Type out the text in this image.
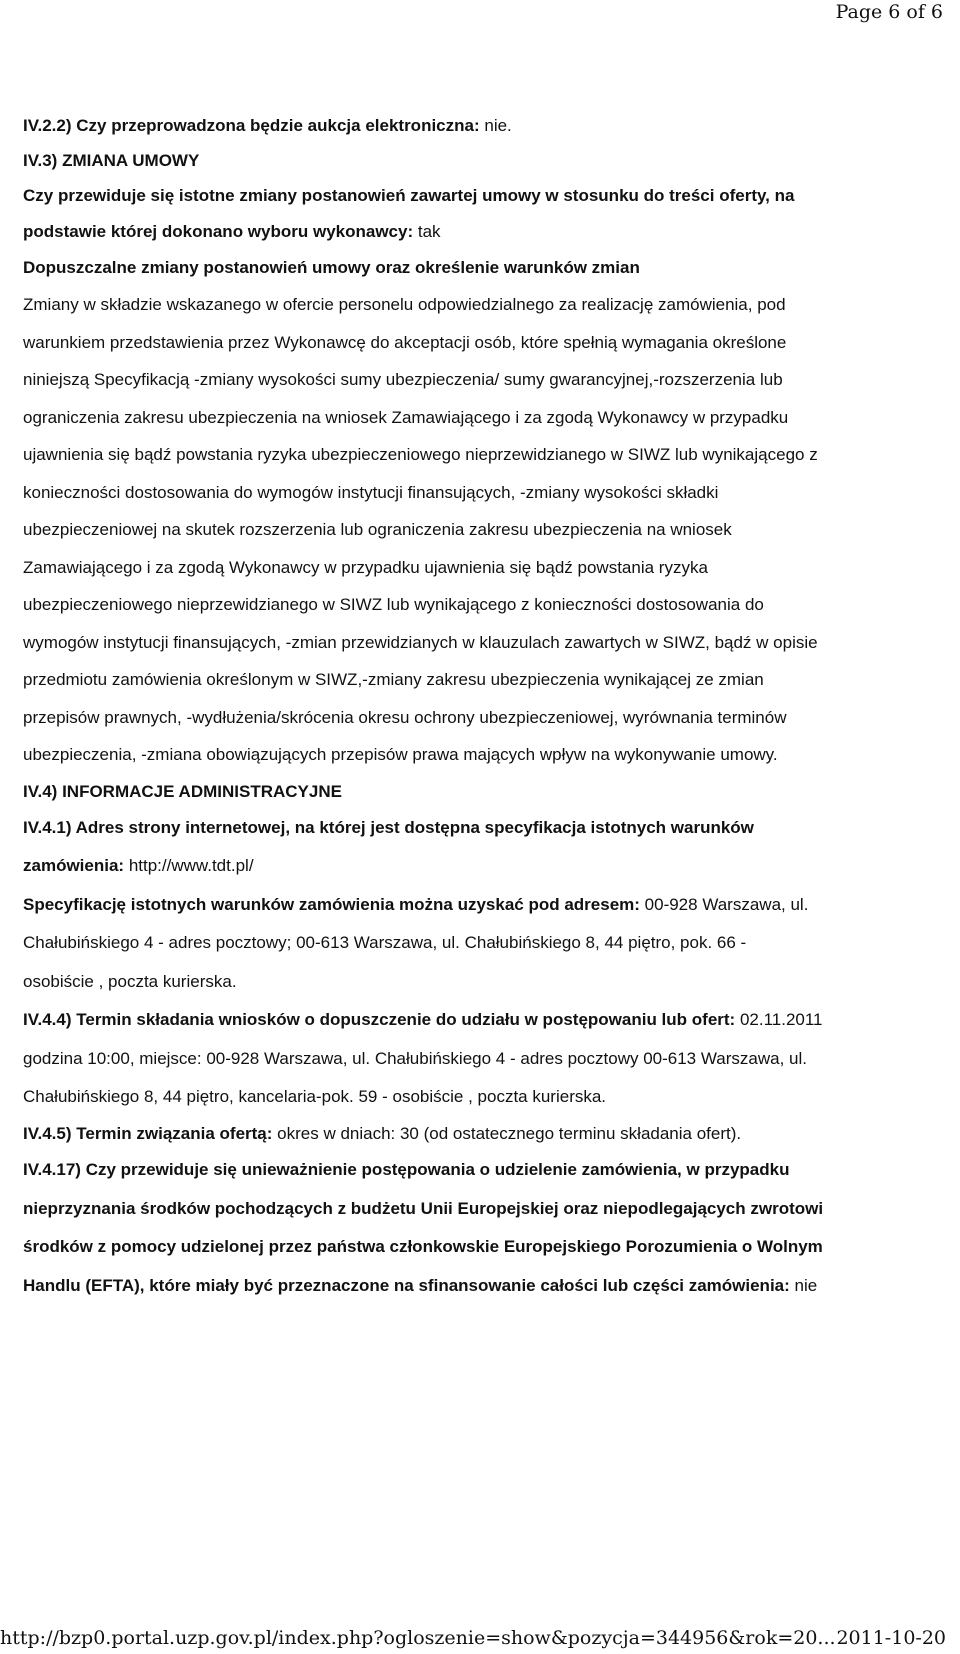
Page 6 of 6

IV.2.2) Czy przeprowadzona będzie aukcja elektroniczna: nie.

IV.3) ZMIANA UMOWY

Czy przewiduje się istotne zmiany postanowień zawartej umowy w stosunku do treści oferty, na

podstawie której dokonano wyboru wykonawcy: tak

Dopuszczalne zmiany postanowień umowy oraz określenie warunków zmian

Zmiany w składzie wskazanego w ofercie personelu odpowiedzialnego za realizację zamówienia, pod

warunkiem przedstawienia przez Wykonawcę do akceptacji osób, które spełnią wymagania określone

niniejszą Specyfikacją -zmiany wysokości sumy ubezpieczenia/ sumy gwarancyjnej,-rozszerzenia lub

ograniczenia zakresu ubezpieczenia na wniosek Zamawiającego i za zgodą Wykonawcy w przypadku

ujawnienia się bądź powstania ryzyka ubezpieczeniowego nieprzewidzianego w SIWZ lub wynikającego z

konieczności dostosowania do wymogów instytucji finansujących, -zmiany wysokości składki

ubezpieczeniowej na skutek rozszerzenia lub ograniczenia zakresu ubezpieczenia na wniosek

Zamawiającego i za zgodą Wykonawcy w przypadku ujawnienia się bądź powstania ryzyka

ubezpieczeniowego nieprzewidzianego w SIWZ lub wynikającego z konieczności dostosowania do

wymogów instytucji finansujących, -zmian przewidzianych w klauzulach zawartych w SIWZ, bądź w opisie

przedmiotu zamówienia określonym w SIWZ,-zmiany zakresu ubezpieczenia wynikającej ze zmian

przepisów prawnych, -wydłużenia/skrócenia okresu ochrony ubezpieczeniowej, wyrównania terminów

ubezpieczenia, -zmiana obowiązujących przepisów prawa mających wpływ na wykonywanie umowy.

IV.4) INFORMACJE ADMINISTRACYJNE

IV.4.1) Adres strony internetowej, na której jest dostępna specyfikacja istotnych warunków

zamówienia: http://www.tdt.pl/

Specyfikację istotnych warunków zamówienia można uzyskać pod adresem: 00-928 Warszawa, ul.

Chałubińskiego 4 - adres pocztowy; 00-613 Warszawa, ul. Chałubińskiego 8, 44 piętro, pok. 66 -

osobiście , poczta kurierska.

IV.4.4) Termin składania wniosków o dopuszczenie do udziału w postępowaniu lub ofert: 02.11.2011

godzina 10:00, miejsce: 00-928 Warszawa, ul. Chałubińskiego 4 - adres pocztowy 00-613 Warszawa, ul.

Chałubińskiego 8, 44 piętro, kancelaria-pok. 59 - osobiście , poczta kurierska.

IV.4.5) Termin związania ofertą: okres w dniach: 30 (od ostatecznego terminu składania ofert).

IV.4.17) Czy przewiduje się unieważnienie postępowania o udzielenie zamówienia, w przypadku

nieprzyznania środków pochodzących z budżetu Unii Europejskiej oraz niepodlegających zwrotowi

środków z pomocy udzielonej przez państwa członkowskie Europejskiego Porozumienia o Wolnym

Handlu (EFTA), które miały być przeznaczone na sfinansowanie całości lub części zamówienia: nie

http://bzp0.portal.uzp.gov.pl/index.php?ogloszenie=show&pozycja=344956&rok=20... 2011-10-20
